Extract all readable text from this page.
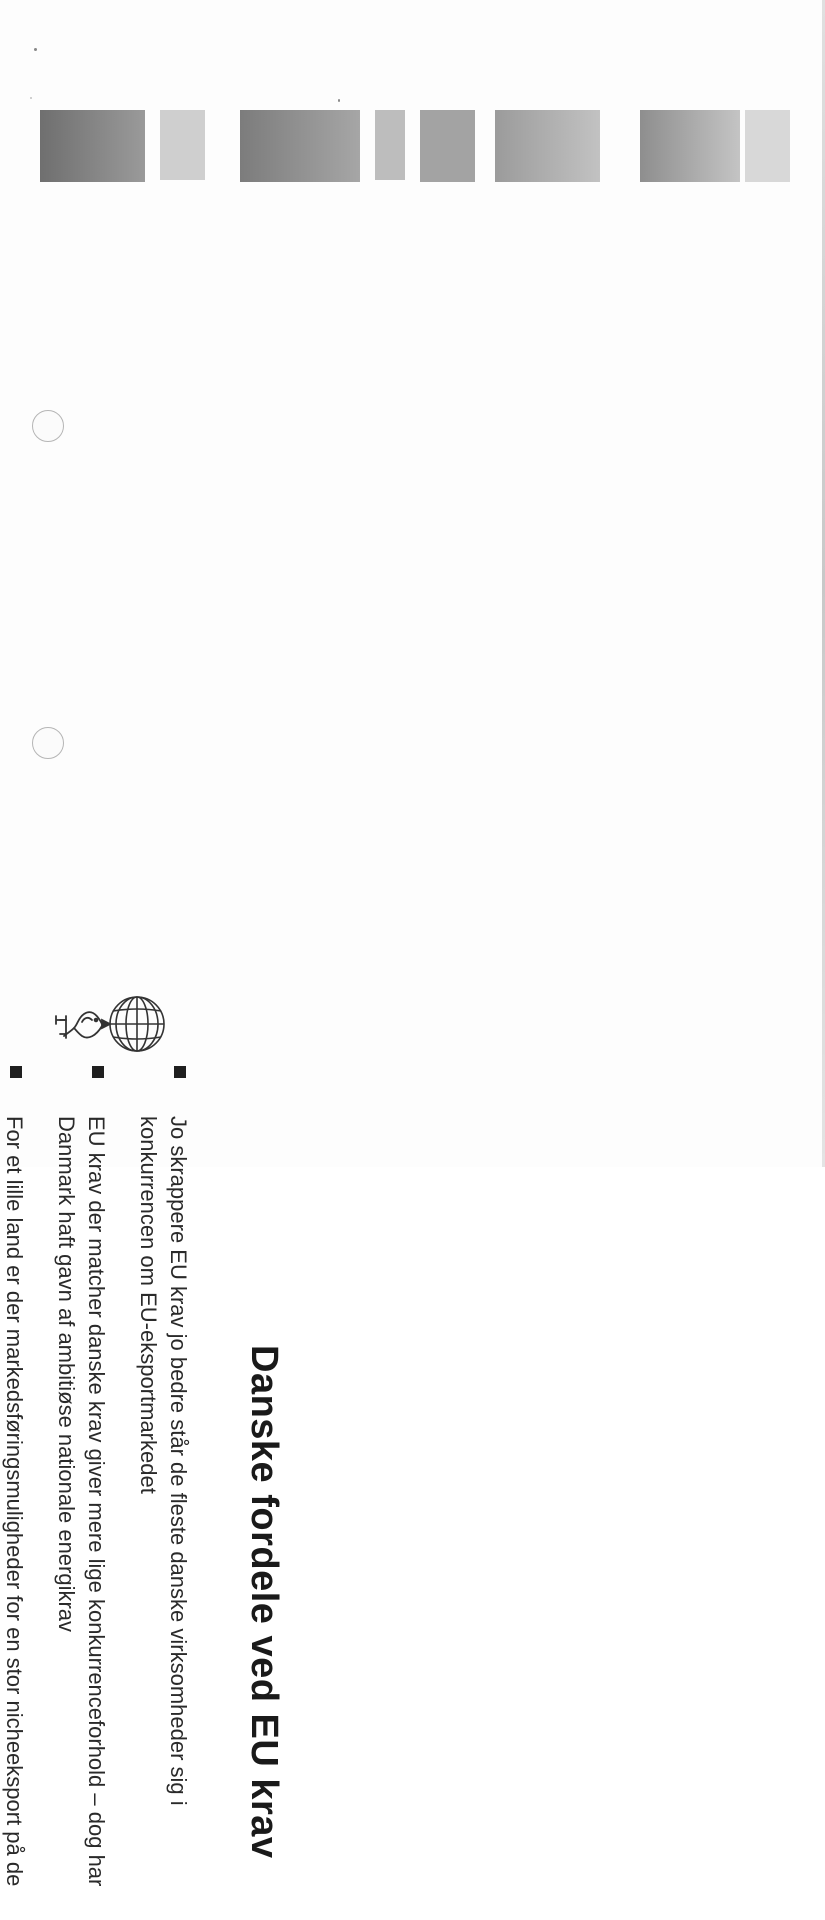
Danske fordele ved EU krav
Jo skrappere EU krav jo bedre står de fleste danske virksomheder sig i konkurrencen om EU-eksportmarkedet
EU krav der matcher danske krav giver mere lige konkurrenceforhold – dog har Danmark haft gavn af ambitiøse nationale energikrav
For et lille land er der markedsføringsmuligheder for en stor nicheeksport på de
